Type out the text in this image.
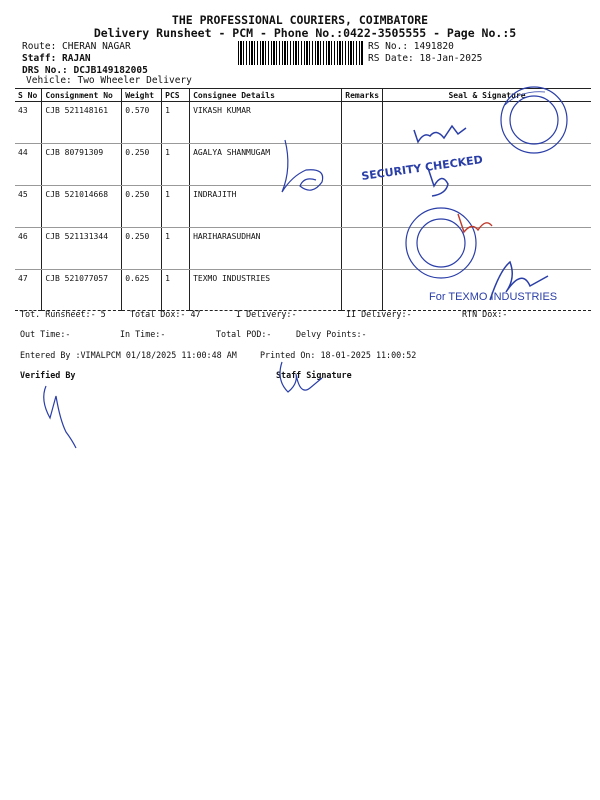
THE PROFESSIONAL COURIERS, COIMBATORE
Delivery Runsheet - PCM - Phone No.:0422-3505555 - Page No.:5
Route: CHERAN NAGAR
Staff: RAJAN
DRS No.: DCJB149182005
Vehicle: Two Wheeler Delivery
RS No.: 1491820
RS Date: 18-Jan-2025
S No	Consignment No	Weight	PCS	Consignee Details	Remarks	Seal & Signature
43	CJB 521148161	0.570	1	VIKASH KUMAR		
44	CJB 80791309	0.250	1	AGALYA SHANMUGAM		
45	CJB 521014668	0.250	1	INDRAJITH		
46	CJB 521131344	0.250	1	HARIHARASUDHAN		
47	CJB 521077057	0.625	1	TEXMO INDUSTRIES		
Tot. Runsheet:- 5	Total Dox:- 47	I Delivery:-	II Delivery:-	RTN Dox:-
Out Time:-	In Time:-	Total POD:-	Delvy Points:-
Entered By :VIMALPCM 01/18/2025 11:00:48 AM	Printed On: 18-01-2025 11:00:52
Verified By	Staff Signature
SECURITY CHECKED
For TEXMO INDUSTRIES
